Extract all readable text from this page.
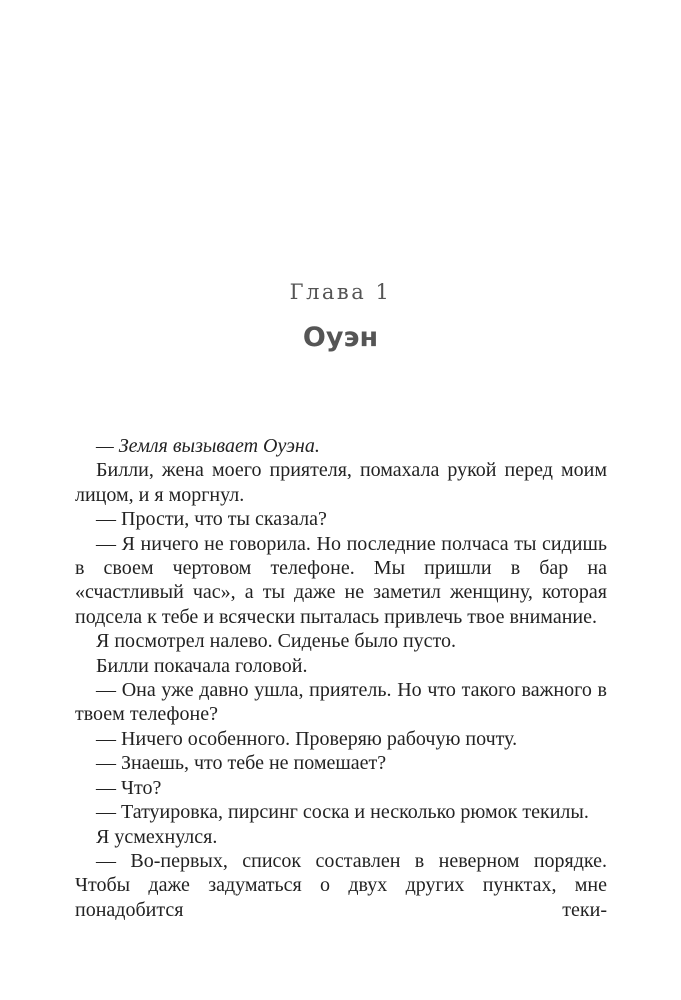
Глава 1
Оуэн

— Земля вызывает Оуэна.

Билли, жена моего приятеля, помахала рукой перед моим лицом, и я моргнул.

— Прости, что ты сказала?

— Я ничего не говорила. Но последние полчаса ты сидишь в своем чертовом телефоне. Мы пришли в бар на «счастливый час», а ты даже не заметил женщину, которая подсела к тебе и всячески пыталась привлечь твое внимание.

Я посмотрел налево. Сиденье было пусто.

Билли покачала головой.

— Она уже давно ушла, приятель. Но что такого важного в твоем телефоне?

— Ничего особенного. Проверяю рабочую почту.

— Знаешь, что тебе не помешает?

— Что?

— Татуировка, пирсинг соска и несколько рюмок текилы.

Я усмехнулся.

— Во-первых, список составлен в неверном порядке. Чтобы даже задуматься о двух других пунктах, мне понадобится теки-
